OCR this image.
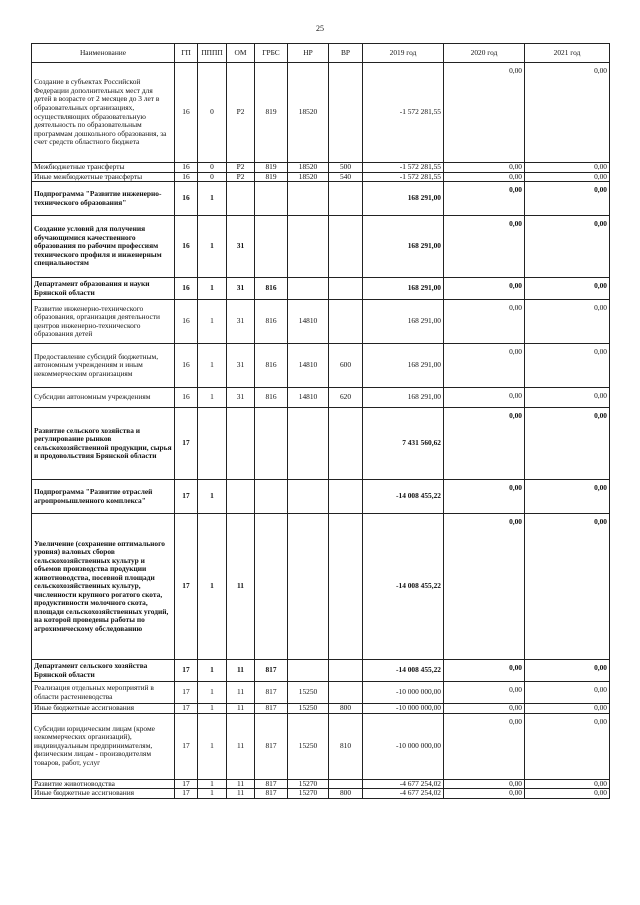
25
Наименование	ГП	ПППП	ОМ	ГРБС	НР	ВР	2019 год	2020 год	2021 год
Создание в субъектах Российской Федерации дополнительных мест для детей в возрасте от 2 месяцев до 3 лет в образовательных организациях, осуществляющих образовательную деятельность по образовательным программам дошкольного образования, за счет средств областного бюджета	16	0	P2	819	18520		-1 572 281,55	0,00	0,00
Межбюджетные трансферты	16	0	P2	819	18520	500	-1 572 281,55	0,00	0,00
Иные межбюджетные трансферты	16	0	P2	819	18520	540	-1 572 281,55	0,00	0,00
Подпрограмма "Развитие инженерно-технического образования"	16	1					168 291,00	0,00	0,00
Создание условий для получения обучающимися качественного образования по рабочим профессиям технического профиля и инженерным специальностям	16	1	31				168 291,00	0,00	0,00
Департамент образования и науки Брянской области	16	1	31	816			168 291,00	0,00	0,00
Развитие инженерно-технического образования, организация деятельности центров инженерно-технического образования детей	16	1	31	816	14810		168 291,00	0,00	0,00
Предоставление субсидий бюджетным, автономным учреждениям и иным некоммерческим организациям	16	1	31	816	14810	600	168 291,00	0,00	0,00
Субсидии автономным учреждениям	16	1	31	816	14810	620	168 291,00	0,00	0,00
Развитие сельского хозяйства и регулирование рынков сельскохозяйственной продукции, сырья и продовольствия Брянской области	17						7 431 560,62	0,00	0,00
Подпрограмма "Развитие отраслей агропромышленного комплекса"	17	1					-14 008 455,22	0,00	0,00
Увеличение (сохранение оптимального уровня) валовых сборов сельскохозяйственных культур и объемов производства продукции животноводства, посевной площади сельскохозяйственных культур, численности крупного рогатого скота, продуктивности молочного скота, площади сельскохозяйственных угодий, на которой проведены работы по агрохимическому обследованию	17	1	11				-14 008 455,22	0,00	0,00
Департамент сельского хозяйства Брянской области	17	1	11	817			-14 008 455,22	0,00	0,00
Реализация отдельных мероприятий в области растениеводства	17	1	11	817	15250		-10 000 000,00	0,00	0,00
Иные бюджетные ассигнования	17	1	11	817	15250	800	-10 000 000,00	0,00	0,00
Субсидии юридическим лицам (кроме некоммерческих организаций), индивидуальным предпринимателям, физическим лицам - производителям товаров, работ, услуг	17	1	11	817	15250	810	-10 000 000,00	0,00	0,00
Развитие животноводства	17	1	11	817	15270		-4 677 254,02	0,00	0,00
Иные бюджетные ассигнования	17	1	11	817	15270	800	-4 677 254,02	0,00	0,00
